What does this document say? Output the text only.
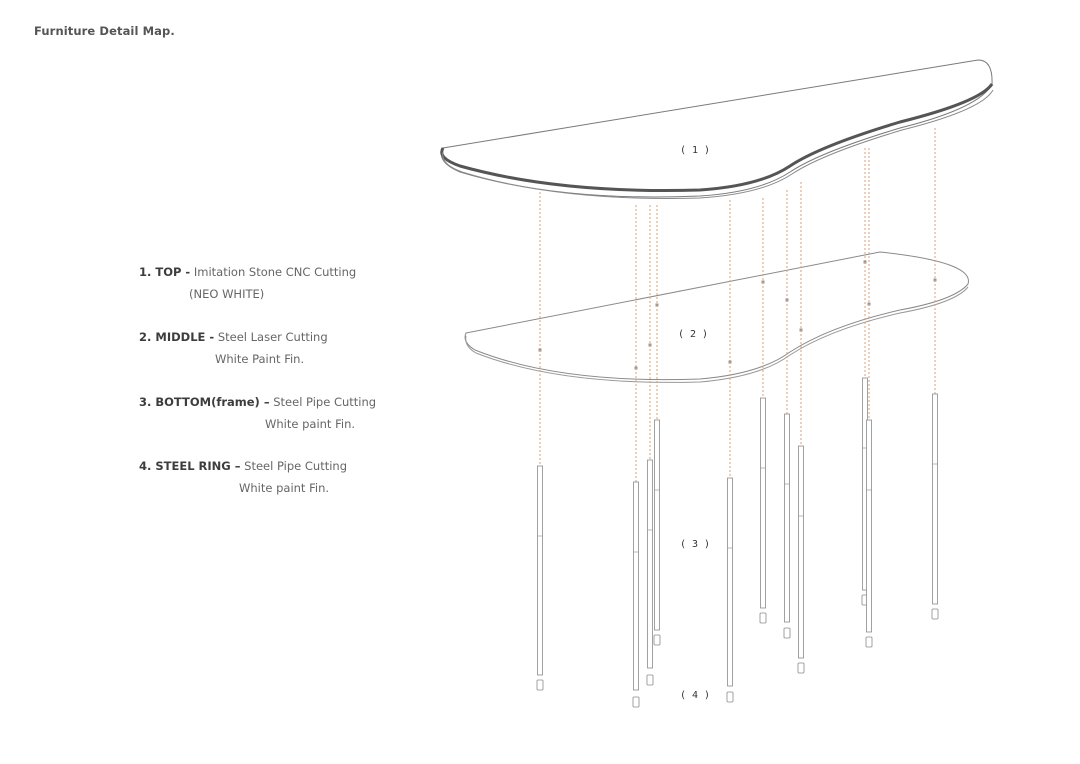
Furniture Detail Map.
1. TOP - Imitation Stone CNC Cutting
(NEO WHITE)
2. MIDDLE - Steel Laser Cutting
White Paint Fin.
3. BOTTOM(frame) – Steel Pipe Cutting
White paint Fin.
4. STEEL RING – Steel Pipe Cutting
White paint Fin.
( 1 )
( 2 )
( 3 )
( 4 )
